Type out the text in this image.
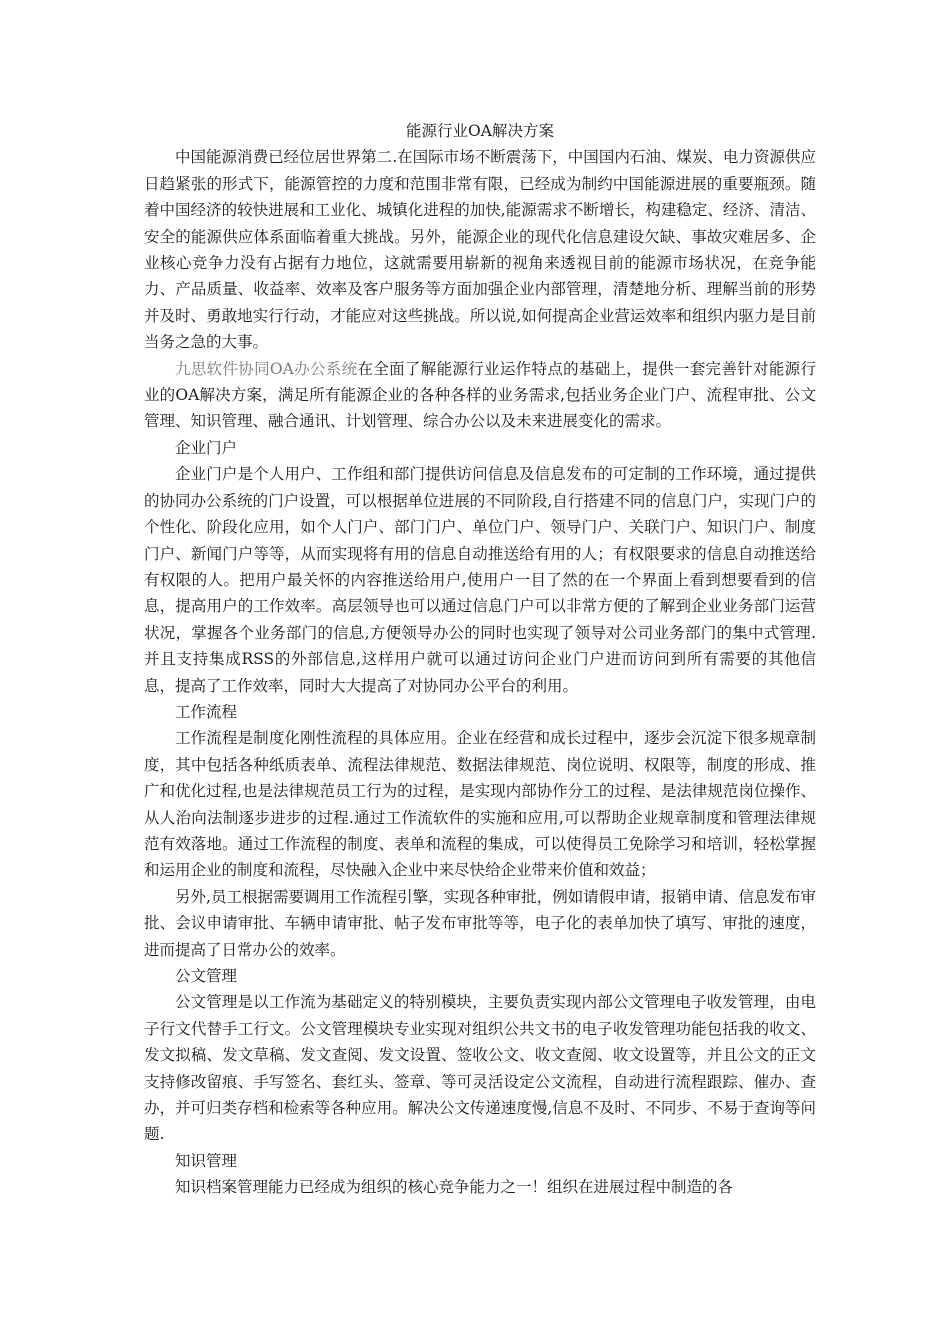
能源行业OA解决方案

中国能源消费已经位居世界第二.在国际市场不断震荡下，中国国内石油、煤炭、电力资源供应日趋紧张的形式下，能源管控的力度和范围非常有限，已经成为制约中国能源进展的重要瓶颈。随着中国经济的较快进展和工业化、城镇化进程的加快,能源需求不断增长，构建稳定、经济、清洁、安全的能源供应体系面临着重大挑战。另外，能源企业的现代化信息建设欠缺、事故灾难居多、企业核心竞争力没有占据有力地位，这就需要用崭新的视角来透视目前的能源市场状况，在竞争能力、产品质量、收益率、效率及客户服务等方面加强企业内部管理，清楚地分析、理解当前的形势并及时、勇敢地实行行动，才能应对这些挑战。所以说,如何提高企业营运效率和组织内驱力是目前当务之急的大事。

九思软件协同OA办公系统在全面了解能源行业运作特点的基础上，提供一套完善针对能源行业的OA解决方案，满足所有能源企业的各种各样的业务需求,包括业务企业门户、流程审批、公文管理、知识管理、融合通讯、计划管理、综合办公以及未来进展变化的需求。

企业门户

企业门户是个人用户、工作组和部门提供访问信息及信息发布的可定制的工作环境，通过提供的协同办公系统的门户设置，可以根据单位进展的不同阶段,自行搭建不同的信息门户，实现门户的个性化、阶段化应用，如个人门户、部门门户、单位门户、领导门户、关联门户、知识门户、制度门户、新闻门户等等，从而实现将有用的信息自动推送给有用的人；有权限要求的信息自动推送给有权限的人。把用户最关怀的内容推送给用户,使用户一目了然的在一个界面上看到想要看到的信息，提高用户的工作效率。高层领导也可以通过信息门户可以非常方便的了解到企业业务部门运营状况，掌握各个业务部门的信息,方便领导办公的同时也实现了领导对公司业务部门的集中式管理.并且支持集成RSS的外部信息,这样用户就可以通过访问企业门户进而访问到所有需要的其他信息，提高了工作效率，同时大大提高了对协同办公平台的利用。

工作流程

工作流程是制度化刚性流程的具体应用。企业在经营和成长过程中，逐步会沉淀下很多规章制度，其中包括各种纸质表单、流程法律规范、数据法律规范、岗位说明、权限等，制度的形成、推广和优化过程,也是法律规范员工行为的过程，是实现内部协作分工的过程、是法律规范岗位操作、从人治向法制逐步进步的过程.通过工作流软件的实施和应用,可以帮助企业规章制度和管理法律规范有效落地。通过工作流程的制度、表单和流程的集成，可以使得员工免除学习和培训，轻松掌握和运用企业的制度和流程，尽快融入企业中来尽快给企业带来价值和效益；

另外,员工根据需要调用工作流程引擎，实现各种审批，例如请假申请，报销申请、信息发布审批、会议申请审批、车辆申请审批、帖子发布审批等等，电子化的表单加快了填写、审批的速度，进而提高了日常办公的效率。

公文管理

公文管理是以工作流为基础定义的特别模块，主要负责实现内部公文管理电子收发管理，由电子行文代替手工行文。公文管理模块专业实现对组织公共文书的电子收发管理功能包括我的收文、发文拟稿、发文草稿、发文查阅、发文设置、签收公文、收文查阅、收文设置等，并且公文的正文支持修改留痕、手写签名、套红头、签章、等可灵活设定公文流程，自动进行流程跟踪、催办、查办，并可归类存档和检索等各种应用。解决公文传递速度慢,信息不及时、不同步、不易于查询等问题.

知识管理

知识档案管理能力已经成为组织的核心竞争能力之一！组织在进展过程中制造的各
